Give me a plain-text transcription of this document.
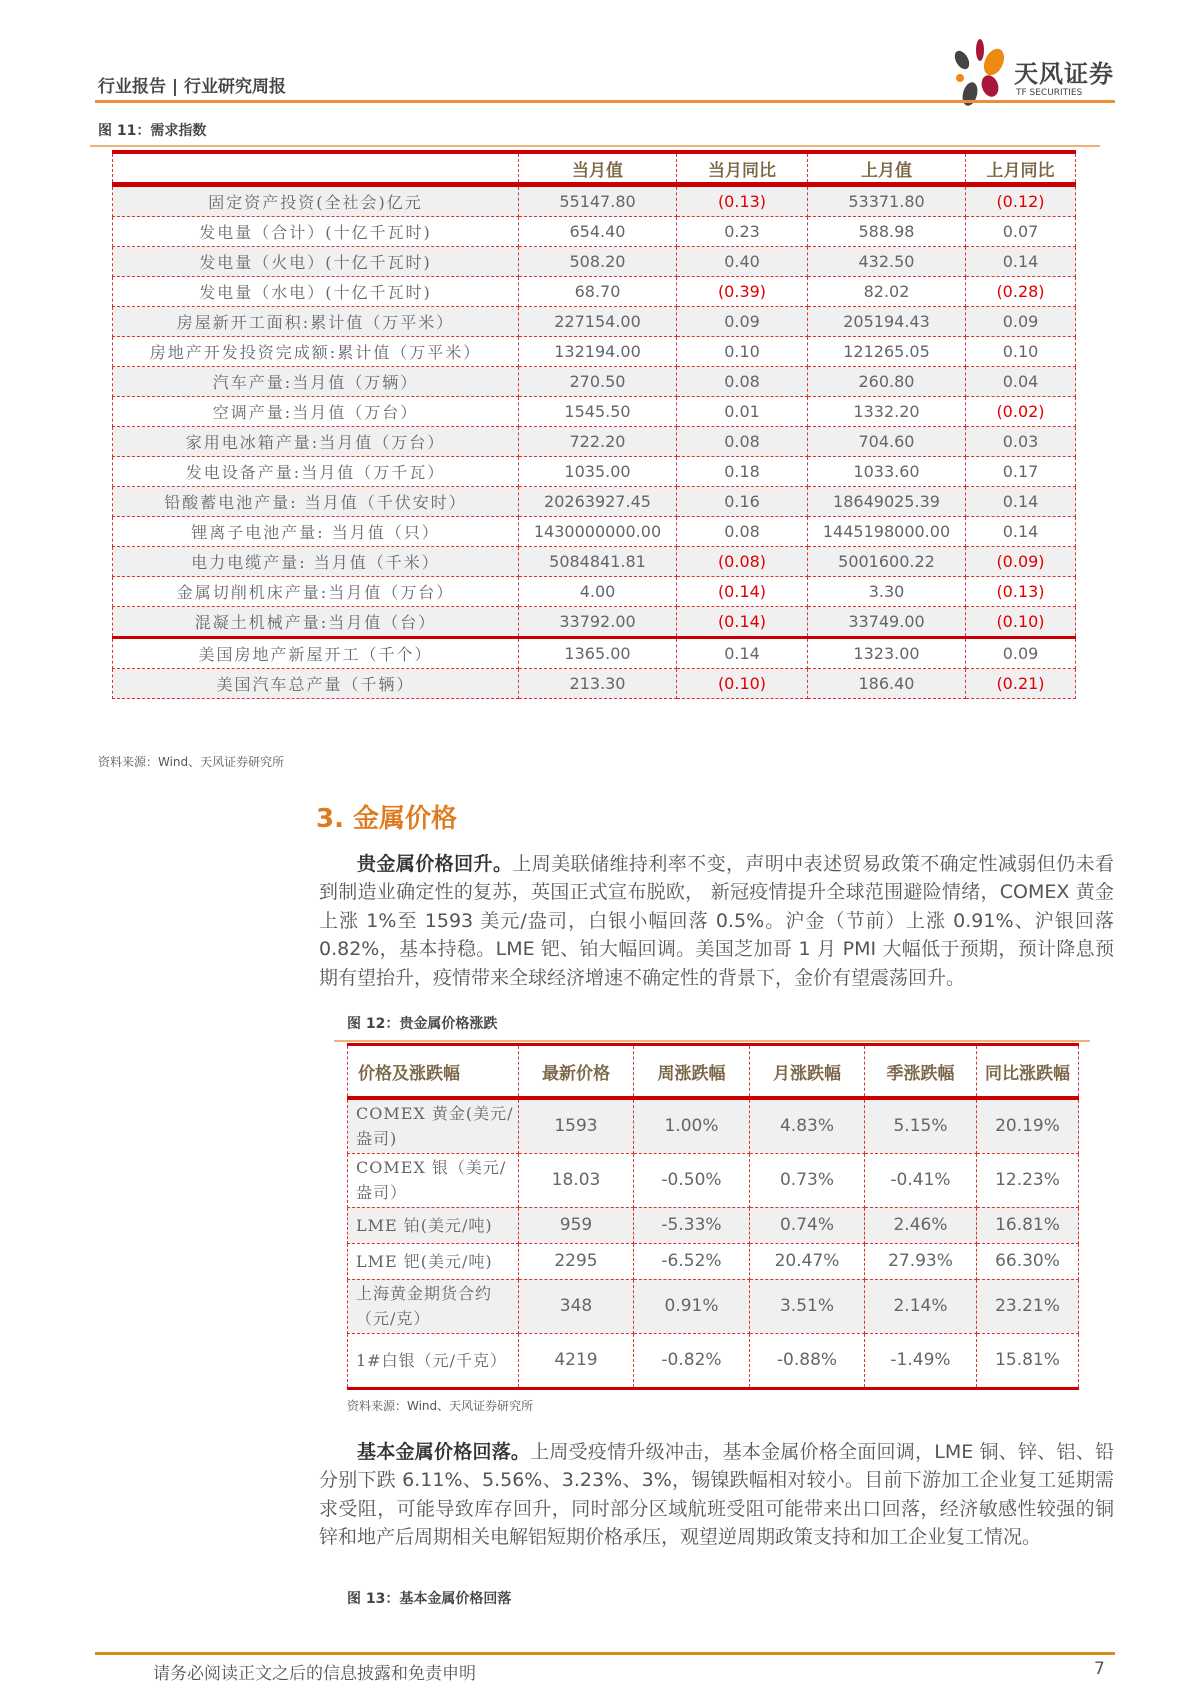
行业报告 | 行业研究周报	天风证券
TF SECURITIES
图 11：需求指数
	当月值	当月同比	上月值	上月同比
固定资产投资(全社会)亿元	55147.80	(0.13)	53371.80	(0.12)
发电量（合计）(十亿千瓦时)	654.40	0.23	588.98	0.07
发电量（火电）(十亿千瓦时)	508.20	0.40	432.50	0.14
发电量（水电）(十亿千瓦时)	68.70	(0.39)	82.02	(0.28)
房屋新开工面积:累计值（万平米）	227154.00	0.09	205194.43	0.09
房地产开发投资完成额:累计值（万平米）	132194.00	0.10	121265.05	0.10
汽车产量:当月值（万辆）	270.50	0.08	260.80	0.04
空调产量:当月值（万台）	1545.50	0.01	1332.20	(0.02)
家用电冰箱产量:当月值（万台）	722.20	0.08	704.60	0.03
发电设备产量:当月值（万千瓦）	1035.00	0.18	1033.60	0.17
铅酸蓄电池产量: 当月值（千伏安时）	20263927.45	0.16	18649025.39	0.14
锂离子电池产量: 当月值（只）	1430000000.00	0.08	1445198000.00	0.14
电力电缆产量: 当月值（千米）	5084841.81	(0.08)	5001600.22	(0.09)
金属切削机床产量:当月值（万台）	4.00	(0.14)	3.30	(0.13)
混凝土机械产量:当月值（台）	33792.00	(0.14)	33749.00	(0.10)
美国房地产新屋开工（千个）	1365.00	0.14	1323.00	0.09
美国汽车总产量（千辆）	213.30	(0.10)	186.40	(0.21)
资料来源：Wind、天风证券研究所
3. 金属价格
贵金属价格回升。上周美联储维持利率不变，声明中表述贸易政策不确定性减弱但仍未看到制造业确定性的复苏，英国正式宣布脱欧， 新冠疫情提升全球范围避险情绪，COMEX 黄金上涨 1%至 1593 美元/盎司，白银小幅回落 0.5%。沪金（节前）上涨 0.91%、沪银回落 0.82%，基本持稳。LME 钯、铂大幅回调。美国芝加哥 1 月 PMI 大幅低于预期，预计降息预期有望抬升，疫情带来全球经济增速不确定性的背景下，金价有望震荡回升。
图 12：贵金属价格涨跌
价格及涨跌幅	最新价格	周涨跌幅	月涨跌幅	季涨跌幅	同比涨跌幅
COMEX 黄金(美元/盎司)	1593	1.00%	4.83%	5.15%	20.19%
COMEX 银（美元/盎司）	18.03	-0.50%	0.73%	-0.41%	12.23%
LME 铂(美元/吨)	959	-5.33%	0.74%	2.46%	16.81%
LME 钯(美元/吨)	2295	-6.52%	20.47%	27.93%	66.30%
上海黄金期货合约 （元/克）	348	0.91%	3.51%	2.14%	23.21%
1#白银（元/千克）	4219	-0.82%	-0.88%	-1.49%	15.81%
资料来源：Wind、天风证券研究所
基本金属价格回落。上周受疫情升级冲击，基本金属价格全面回调，LME 铜、锌、铝、铅分别下跌 6.11%、5.56%、3.23%、3%，锡镍跌幅相对较小。目前下游加工企业复工延期需求受阻，可能导致库存回升，同时部分区域航班受阻可能带来出口回落，经济敏感性较强的铜锌和地产后周期相关电解铝短期价格承压，观望逆周期政策支持和加工企业复工情况。
图 13：基本金属价格回落
请务必阅读正文之后的信息披露和免责申明	7
